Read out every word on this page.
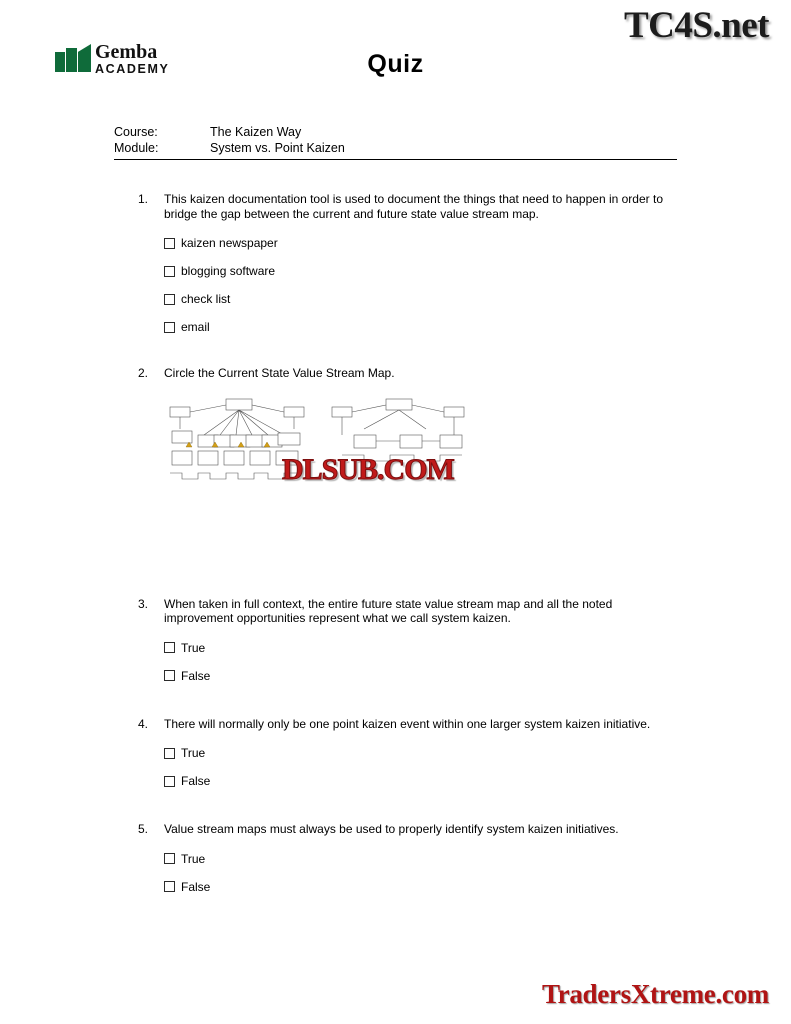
TC4S.net
TradersXtreme.com
Gemba
ACADEMY	Quiz
Course:	The Kaizen Way
Module:	System vs. Point Kaizen
1.	This kaizen documentation tool is used to document the things that need to happen in order to bridge the gap between the current and future state value stream map.
kaizen newspaper
blogging software
check list
email
2.	Circle the Current State Value Stream Map.
DLSUB.COM
3.	When taken in full context, the entire future state value stream map and all the noted improvement opportunities represent what we call system kaizen.
True
False
4.	There will normally only be one point kaizen event within one larger system kaizen initiative.
True
False
5.	Value stream maps must always be used to properly identify system kaizen initiatives.
True
False
